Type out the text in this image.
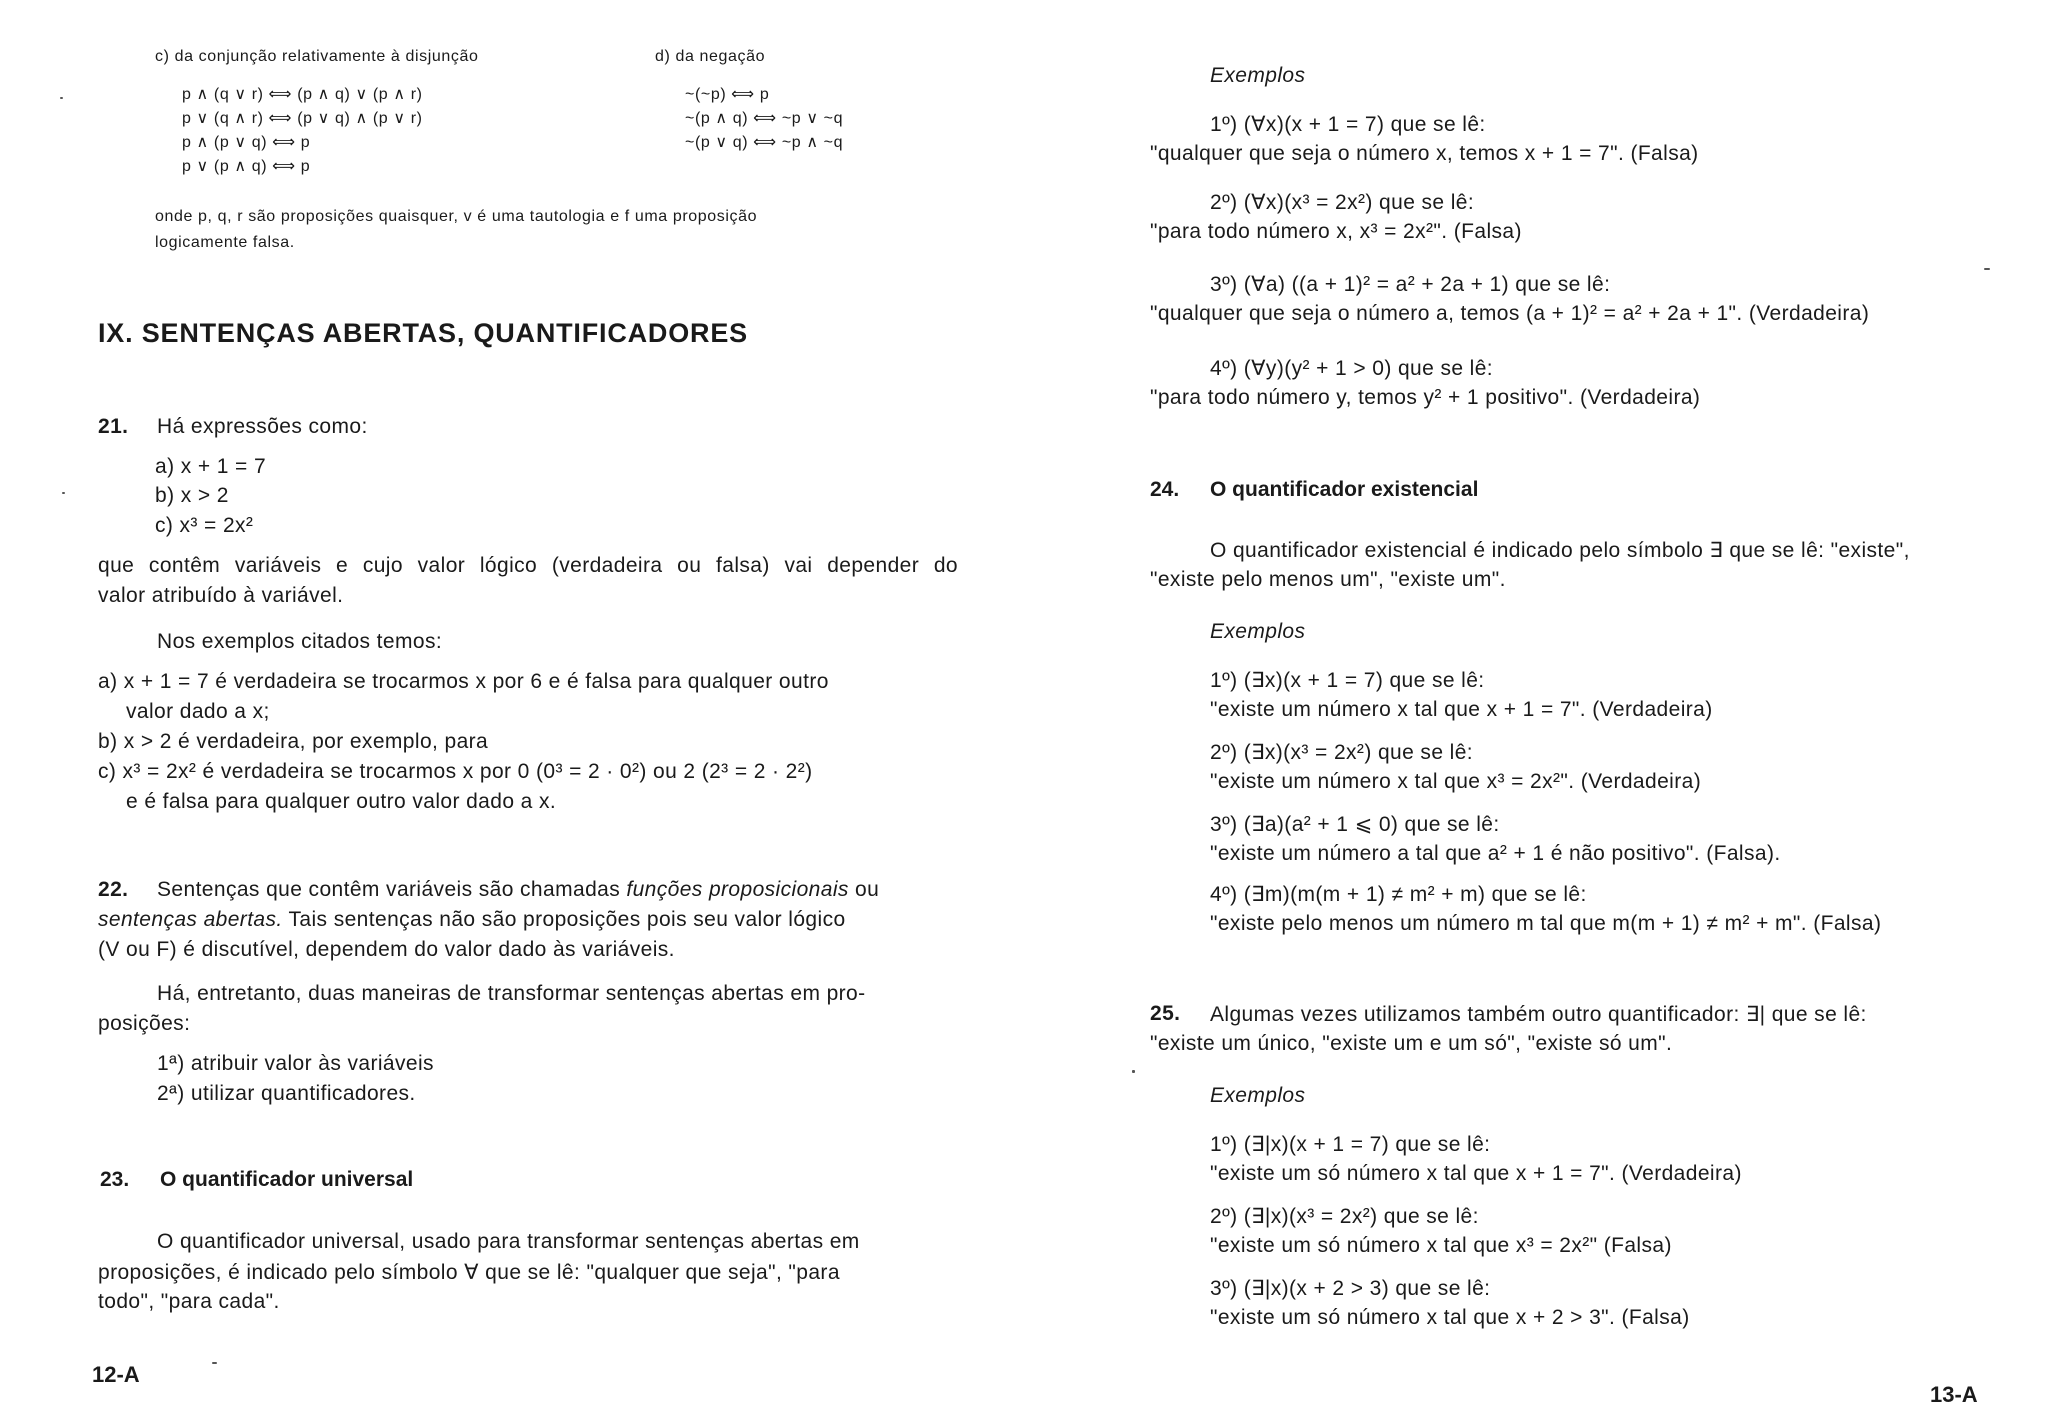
c) da conjunção relativamente à disjunção	d) da negação
p ∧ (q ∨ r) ⟺ (p ∧ q) ∨ (p ∧ r)
p ∨ (q ∧ r) ⟺ (p ∨ q) ∧ (p ∨ r)
p ∧ (p ∨ q) ⟺ p
p ∨ (p ∧ q) ⟺ p
~(~p) ⟺ p
~(p ∧ q) ⟺ ~p ∨ ~q
~(p ∨ q) ⟺ ~p ∧ ~q
onde p, q, r são proposições quaisquer, v é uma tautologia e f uma proposição
logicamente falsa.
IX. SENTENÇAS ABERTAS, QUANTIFICADORES
21. Há expressões como:
a) x + 1 = 7
b) x > 2
c) x³ = 2x²
que contêm variáveis e cujo valor lógico (verdadeira ou falsa) vai depender do
valor atribuído à variável.
Nos exemplos citados temos:
a) x + 1 = 7 é verdadeira se trocarmos x por 6 e é falsa para qualquer outro
valor dado a x;
b) x > 2 é verdadeira, por exemplo, para
c) x³ = 2x² é verdadeira se trocarmos x por 0 (0³ = 2 · 0²) ou 2 (2³ = 2 · 2²)
e é falsa para qualquer outro valor dado a x.
22. Sentenças que contêm variáveis são chamadas funções proposicionais ou
sentenças abertas. Tais sentenças não são proposições pois seu valor lógico
(V ou F) é discutível, dependem do valor dado às variáveis.
Há, entretanto, duas maneiras de transformar sentenças abertas em pro-
posições:
1ª) atribuir valor às variáveis
2ª) utilizar quantificadores.
23. O quantificador universal
O quantificador universal, usado para transformar sentenças abertas em
proposições, é indicado pelo símbolo ∀ que se lê: "qualquer que seja", "para
todo", "para cada".
12-A
Exemplos
1º) (∀x)(x + 1 = 7) que se lê:
"qualquer que seja o número x, temos x + 1 = 7". (Falsa)
2º) (∀x)(x³ = 2x²) que se lê:
"para todo número x, x³ = 2x²". (Falsa)
3º) (∀a) ((a + 1)² = a² + 2a + 1) que se lê:
"qualquer que seja o número a, temos (a + 1)² = a² + 2a + 1". (Verdadeira)
4º) (∀y)(y² + 1 > 0) que se lê:
"para todo número y, temos y² + 1 positivo". (Verdadeira)
24. O quantificador existencial
O quantificador existencial é indicado pelo símbolo ∃ que se lê: "existe",
"existe pelo menos um", "existe um".
Exemplos
1º) (∃x)(x + 1 = 7) que se lê:
"existe um número x tal que x + 1 = 7". (Verdadeira)
2º) (∃x)(x³ = 2x²) que se lê:
"existe um número x tal que x³ = 2x²". (Verdadeira)
3º) (∃a)(a² + 1 ⩽ 0) que se lê:
"existe um número a tal que a² + 1 é não positivo". (Falsa).
4º) (∃m)(m(m + 1) ≠ m² + m) que se lê:
"existe pelo menos um número m tal que m(m + 1) ≠ m² + m". (Falsa)
25. Algumas vezes utilizamos também outro quantificador: ∃| que se lê:
"existe um único, "existe um e um só", "existe só um".
Exemplos
1º) (∃|x)(x + 1 = 7) que se lê:
"existe um só número x tal que x + 1 = 7". (Verdadeira)
2º) (∃|x)(x³ = 2x²) que se lê:
"existe um só número x tal que x³ = 2x²" (Falsa)
3º) (∃|x)(x + 2 > 3) que se lê:
"existe um só número x tal que x + 2 > 3". (Falsa)
13-A
